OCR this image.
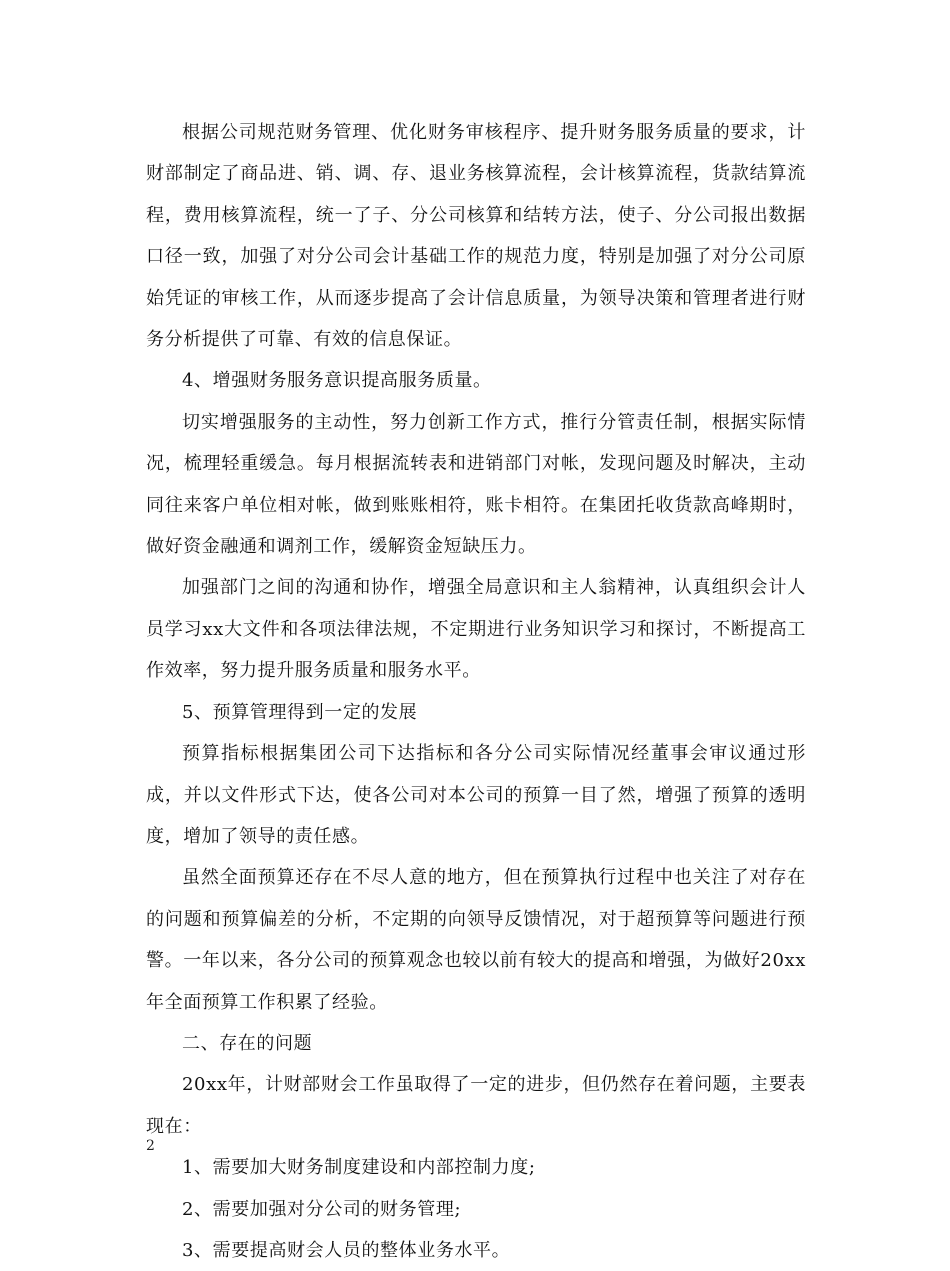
根据公司规范财务管理、优化财务审核程序、提升财务服务质量的要求，计财部制定了商品进、销、调、存、退业务核算流程，会计核算流程，货款结算流程，费用核算流程，统一了子、分公司核算和结转方法，使子、分公司报出数据口径一致，加强了对分公司会计基础工作的规范力度，特别是加强了对分公司原始凭证的审核工作，从而逐步提高了会计信息质量，为领导决策和管理者进行财务分析提供了可靠、有效的信息保证。

4、增强财务服务意识提高服务质量。

切实增强服务的主动性，努力创新工作方式，推行分管责任制，根据实际情况，梳理轻重缓急。每月根据流转表和进销部门对帐，发现问题及时解决，主动同往来客户单位相对帐，做到账账相符，账卡相符。在集团托收货款高峰期时，做好资金融通和调剂工作，缓解资金短缺压力。

加强部门之间的沟通和协作，增强全局意识和主人翁精神，认真组织会计人员学习xx大文件和各项法律法规，不定期进行业务知识学习和探讨，不断提高工作效率，努力提升服务质量和服务水平。

5、预算管理得到一定的发展

预算指标根据集团公司下达指标和各分公司实际情况经董事会审议通过形成，并以文件形式下达，使各公司对本公司的预算一目了然，增强了预算的透明度，增加了领导的责任感。

虽然全面预算还存在不尽人意的地方，但在预算执行过程中也关注了对存在的问题和预算偏差的分析，不定期的向领导反馈情况，对于超预算等问题进行预警。一年以来，各分公司的预算观念也较以前有较大的提高和增强，为做好20xx年全面预算工作积累了经验。

二、存在的问题

20xx年，计财部财会工作虽取得了一定的进步，但仍然存在着问题，主要表现在：

1、需要加大财务制度建设和内部控制力度;

2、需要加强对分公司的财务管理;

3、需要提高财会人员的整体业务水平。

2
